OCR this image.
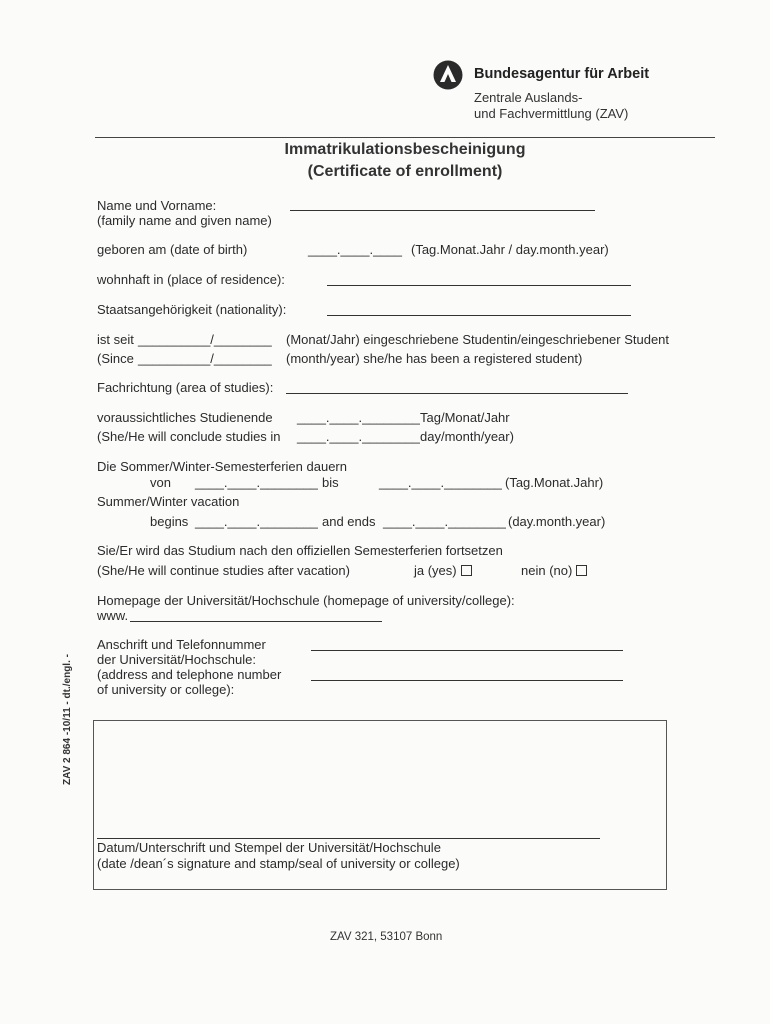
Bundesagentur für Arbeit
Zentrale Auslands-
und Fachvermittlung (ZAV)
Immatrikulationsbescheinigung
(Certificate of enrollment)
Name und Vorname:
(family name and given name)
geboren am (date of birth)	____.____.____ (Tag.Monat.Jahr / day.month.year)
wohnhaft in (place of residence):
Staatsangehörigkeit (nationality):
ist seit __________/________ (Monat/Jahr) eingeschriebene Studentin/eingeschriebener Student
(Since __________/________ (month/year) she/he has been a registered student)
Fachrichtung (area of studies):
voraussichtliches Studienende ____.____.________ Tag/Monat/Jahr
(She/He will conclude studies in ____.____.________ day/month/year)
Die Sommer/Winter-Semesterferien dauern
von ____.____.________ bis	____.____.________ (Tag.Monat.Jahr)
Summer/Winter vacation
begins ____.____.________ and ends ____.____.________ (day.month.year)
Sie/Er wird das Studium nach den offiziellen Semesterferien fortsetzen
(She/He will continue studies after vacation)	ja (yes)	nein (no)
Homepage der Universität/Hochschule (homepage of university/college):
www.
Anschrift und Telefonnummer
der Universität/Hochschule:
(address and telephone number
of university or college):
Datum/Unterschrift und Stempel der Universität/Hochschule
(date /dean´s signature and stamp/seal of university or college)
ZAV 321, 53107 Bonn
ZAV 2 864 -10/11 - dt./engl. -
